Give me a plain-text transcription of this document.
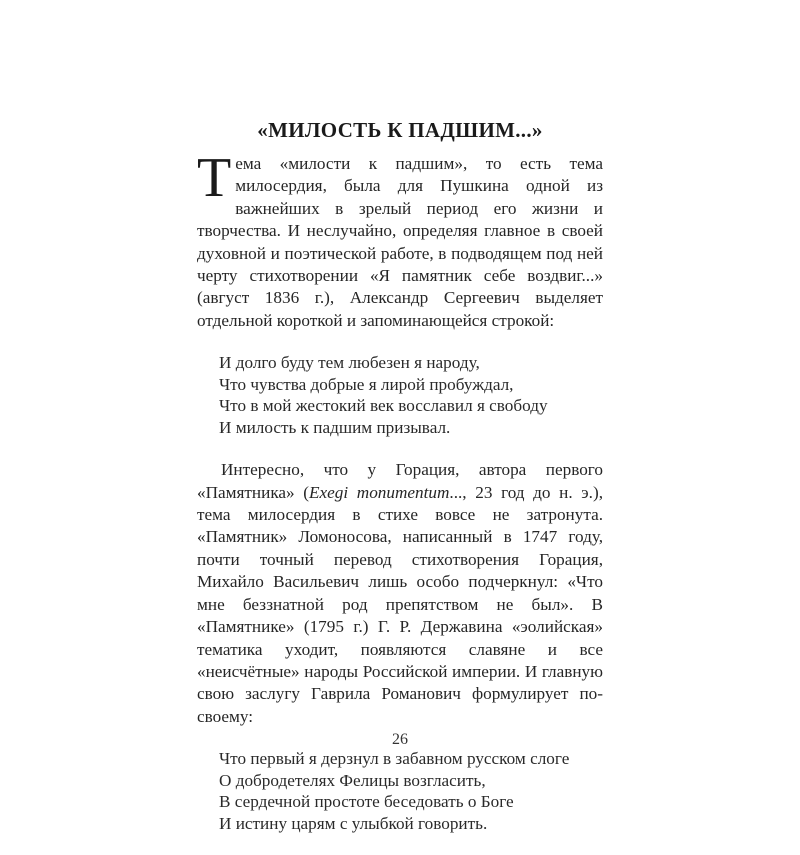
«МИЛОСТЬ К ПАДШИМ...»

Тема «милости к падшим», то есть тема милосердия, была для Пушкина одной из важнейших в зрелый период его жизни и творчества. И неслучайно, определяя главное в своей духовной и поэтической работе, в подводящем под ней черту стихотворении «Я памятник себе воздвиг...» (август 1836 г.), Александр Сергеевич выделяет отдельной короткой и запоминающейся строкой:

И долго буду тем любезен я народу,
Что чувства добрые я лирой пробуждал,
Что в мой жестокий век восславил я свободу
И милость к падшим призывал.

Интересно, что у Горация, автора первого «Памятника» (Exegi monumentum..., 23 год до н. э.), тема милосердия в стихе вовсе не затронута. «Памятник» Ломоносова, написанный в 1747 году, почти точный перевод стихотворения Горация, Михайло Васильевич лишь особо подчеркнул: «Что мне беззнатной род препятством не был». В «Памятнике» (1795 г.) Г. Р. Державина «эолийская» тематика уходит, появляются славяне и все «неисчётные» народы Российской империи. И главную свою заслугу Гаврила Романович формулирует по-своему:

Что первый я дерзнул в забавном русском слоге
О добродетелях Фелицы возгласить,
В сердечной простоте беседовать о Боге
И истину царям с улыбкой говорить.
26
